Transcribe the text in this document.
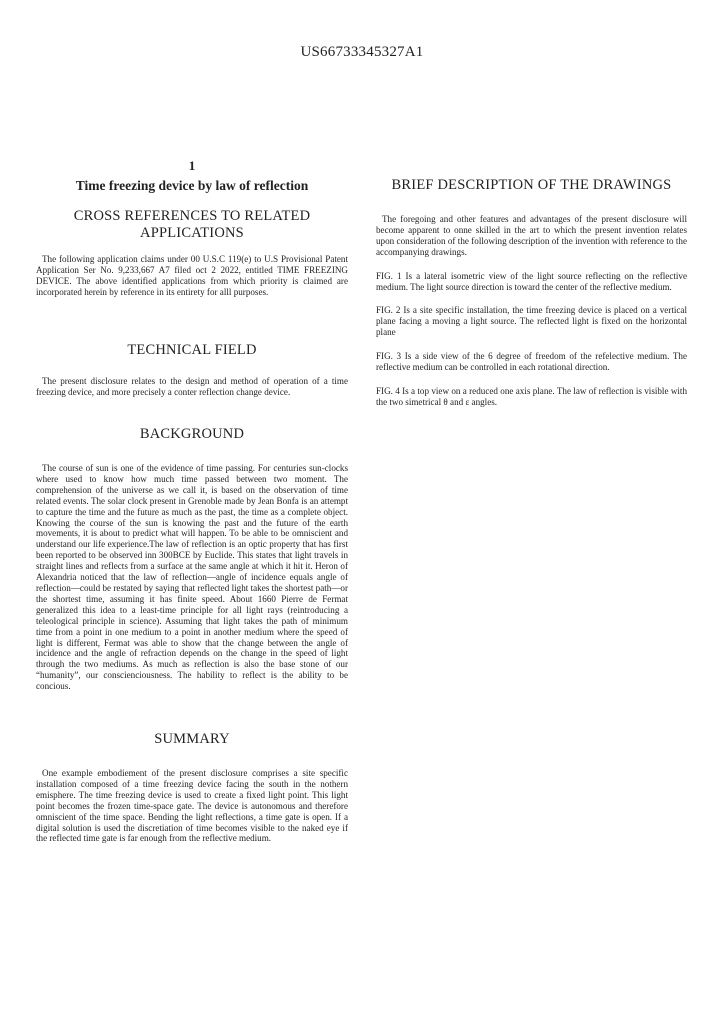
US66733345327A1
1
Time freezing device by law of reflection
CROSS REFERENCES TO RELATED APPLICATIONS

The following application claims under 00 U.S.C 119(e) to U.S Provisional Patent Application Ser No. 9,233,667 A7 filed oct 2 2022, entitled TIME FREEZING DEVICE. The above identified applications from which priority is claimed are incorporated herein by reference in its entirety for alll purposes.

TECHNICAL FIELD

The present disclosure relates to the design and method of operation of a time freezing device, and more precisely a conter reflection change device.

BACKGROUND

The course of sun is one of the evidence of time passing. For centuries sun-clocks where used to know how much time passed between two moment. The comprehension of the universe as we call it, is based on the observation of time related events. The solar clock present in Grenoble made by Jean Bonfa is an attempt to capture the time and the future as much as the past, the time as a complete object. Knowing the course of the sun is knowing the past and the future of the earth movements, it is about to predict what will happen. To be able to be omniscient and understand our life experience.The law of reflection is an optic property that has first been reported to be observed inn 300BCE by Euclide. This states that light travels in straight lines and reflects from a surface at the same angle at which it hit it. Heron of Alexandria noticed that the law of reflection—angle of incidence equals angle of reflection—could be restated by saying that reflected light takes the shortest path—or the shortest time, assuming it has finite speed. About 1660 Pierre de Fermat generalized this idea to a least-time principle for all light rays (reintroducing a teleological principle in science). Assuming that light takes the path of minimum time from a point in one medium to a point in another medium where the speed of light is different, Fermat was able to show that the change between the angle of incidence and the angle of refraction depends on the change in the speed of light through the two mediums. As much as reflection is also the base stone of our “humanity”, our conscienciousness. The hability to reflect is the ability to be concious.

SUMMARY

One example embodiement of the present disclosure comprises a site specific installation composed of a time freezing device facing the south in the nothern emisphere. The time freezing device is used to create a fixed light point. This light point becomes the frozen time-space gate. The device is autonomous and therefore omniscient of the time space. Bending the light reflections, a time gate is open. If a digital solution is used the discretiation of time becomes visible to the naked eye if the reflected time gate is far enough from the reflective medium.

BRIEF DESCRIPTION OF THE DRAWINGS

The foregoing and other features and advantages of the present disclosure will become apparent to onne skilled in the art to which the present invention relates upon consideration of the following description of the invention with reference to the accompanying drawings.

FIG. 1 Is a lateral isometric view of the light source reflecting on the reflective medium. The light source direction is toward the center of the reflective medium.

FIG. 2 Is a site specific installation, the time freezing device is placed on a vertical plane facing a moving a light source. The reflected light is fixed on the horizontal plane

FIG. 3 Is a side view of the 6 degree of freedom of the refelective medium. The reflective medium can be controlled in each rotational direction.

FIG. 4 Is a top view on a reduced one axis plane. The law of reflection is visible with the two simetrical θ and ε angles.
